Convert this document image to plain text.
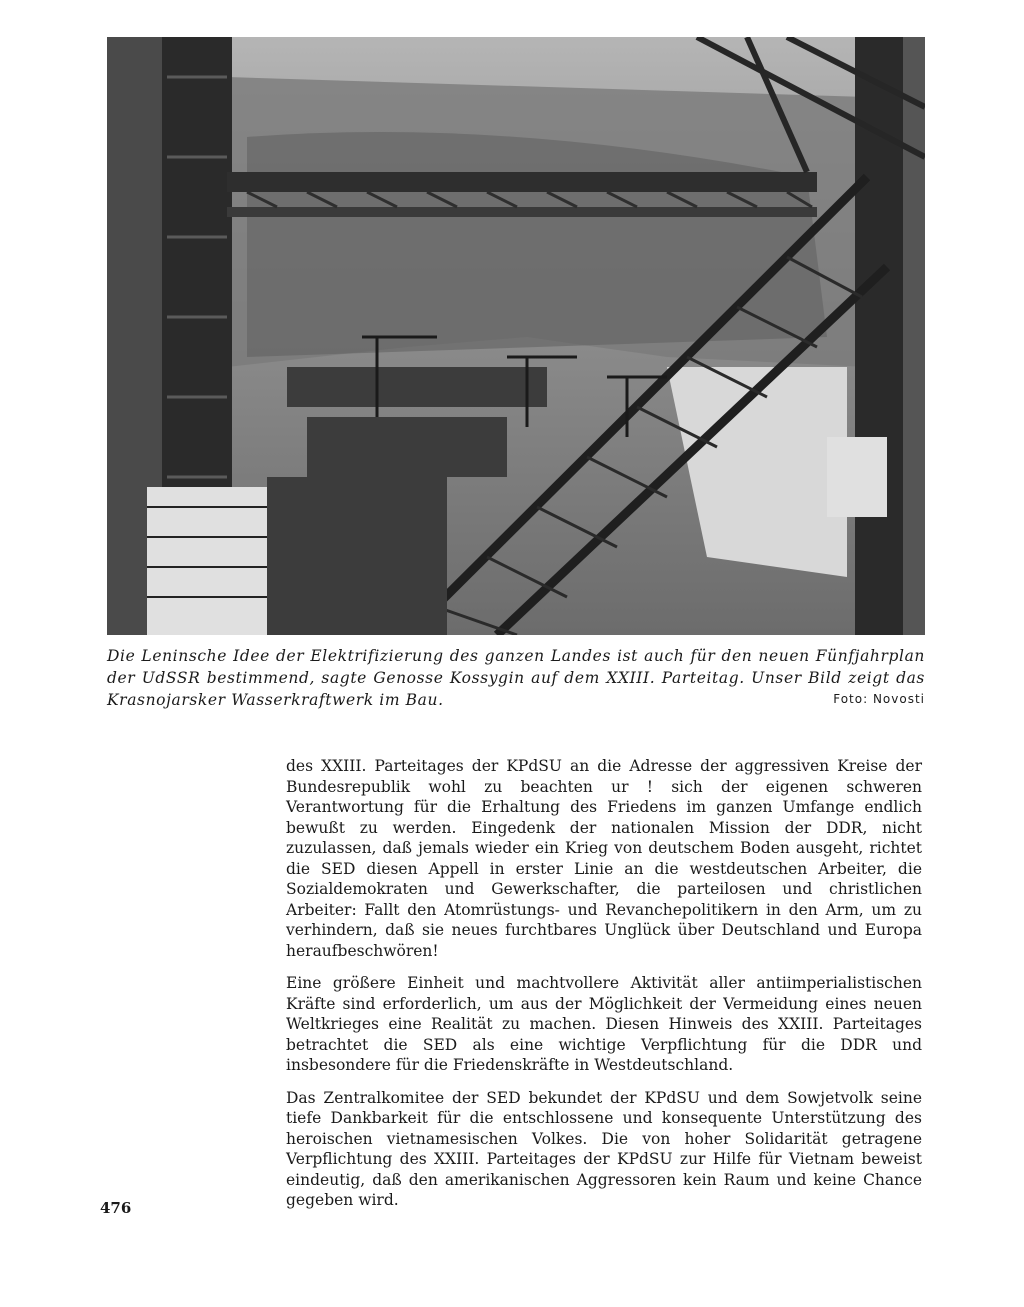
Die Leninsche Idee der Elektrifizierung des ganzen Landes ist auch für den neuen Fünfjahrplan der UdSSR bestimmend, sagte Genosse Kossygin auf dem XXIII. Parteitag. Unser Bild zeigt das Krasnojarsker Wasserkraftwerk im Bau.	Foto: Novosti

des XXIII. Parteitages der KPdSU an die Adresse der aggressiven Kreise der Bundesrepublik wohl zu beachten ur ! sich der eigenen schweren Verantwortung für die Erhaltung des Friedens im ganzen Umfange endlich bewußt zu werden. Eingedenk der nationalen Mission der DDR, nicht zuzulassen, daß jemals wieder ein Krieg von deutschem Boden ausgeht, richtet die SED diesen Appell in erster Linie an die westdeutschen Arbeiter, die Sozialdemokraten und Gewerkschafter, die parteilosen und christlichen Arbeiter: Fallt den Atomrüstungs- und Revanchepolitikern in den Arm, um zu verhindern, daß sie neues furchtbares Unglück über Deutschland und Europa heraufbeschwören!

Eine größere Einheit und machtvollere Aktivität aller antiimperialistischen Kräfte sind erforderlich, um aus der Möglichkeit der Vermeidung eines neuen Weltkrieges eine Realität zu machen. Diesen Hinweis des XXIII. Parteitages betrachtet die SED als eine wichtige Verpflichtung für die DDR und insbesondere für die Friedenskräfte in Westdeutschland.

Das Zentralkomitee der SED bekundet der KPdSU und dem Sowjetvolk seine tiefe Dankbarkeit für die entschlossene und konsequente Unterstützung des heroischen vietnamesischen Volkes. Die von hoher Solidarität getragene Verpflichtung des XXIII. Parteitages der KPdSU zur Hilfe für Vietnam beweist eindeutig, daß den amerikanischen Aggressoren kein Raum und keine Chance gegeben wird.

476
